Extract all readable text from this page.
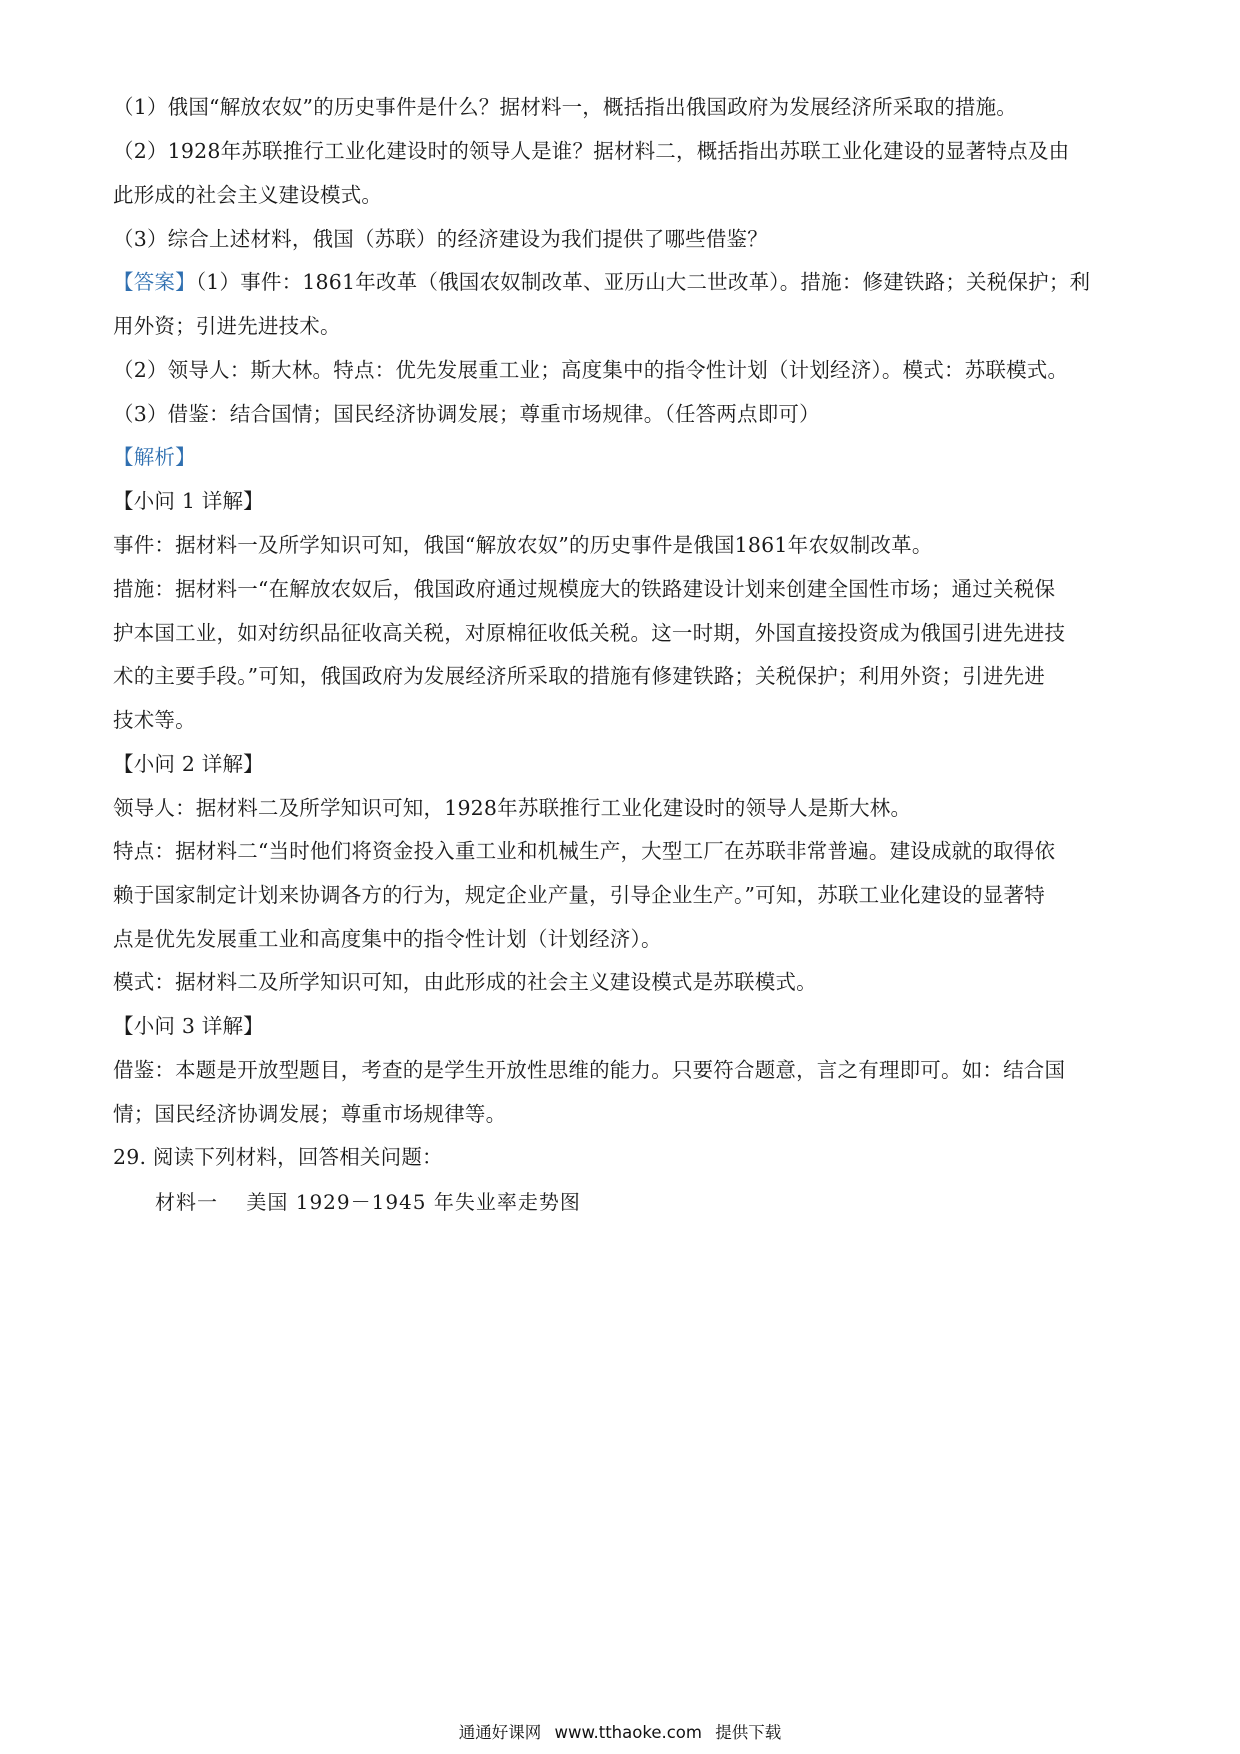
（1）俄国“解放农奴”的历史事件是什么？据材料一，概括指出俄国政府为发展经济所采取的措施。
（2）1928年苏联推行工业化建设时的领导人是谁？据材料二，概括指出苏联工业化建设的显著特点及由
此形成的社会主义建设模式。
（3）综合上述材料，俄国（苏联）的经济建设为我们提供了哪些借鉴？
【答案】（1）事件：1861年改革（俄国农奴制改革、亚历山大二世改革）。措施：修建铁路；关税保护；利
用外资；引进先进技术。
（2）领导人：斯大林。特点：优先发展重工业；高度集中的指令性计划（计划经济）。模式：苏联模式。
（3）借鉴：结合国情；国民经济协调发展；尊重市场规律。（任答两点即可）
【解析】
【小问 1 详解】
事件：据材料一及所学知识可知，俄国“解放农奴”的历史事件是俄国1861年农奴制改革。
措施：据材料一“在解放农奴后，俄国政府通过规模庞大的铁路建设计划来创建全国性市场；通过关税保
护本国工业，如对纺织品征收高关税，对原棉征收低关税。这一时期，外国直接投资成为俄国引进先进技
术的主要手段。”可知，俄国政府为发展经济所采取的措施有修建铁路；关税保护；利用外资；引进先进
技术等。
【小问 2 详解】
领导人：据材料二及所学知识可知，1928年苏联推行工业化建设时的领导人是斯大林。
特点：据材料二“当时他们将资金投入重工业和机械生产，大型工厂在苏联非常普遍。建设成就的取得依
赖于国家制定计划来协调各方的行为，规定企业产量，引导企业生产。”可知，苏联工业化建设的显著特
点是优先发展重工业和高度集中的指令性计划（计划经济）。
模式：据材料二及所学知识可知，由此形成的社会主义建设模式是苏联模式。
【小问 3 详解】
借鉴：本题是开放型题目，考查的是学生开放性思维的能力。只要符合题意，言之有理即可。如：结合国
情；国民经济协调发展；尊重市场规律等。
29. 阅读下列材料，回答相关问题：
材料一　 美国 1929－1945 年失业率走势图
通通好课网 www.tthaoke.com 提供下载
